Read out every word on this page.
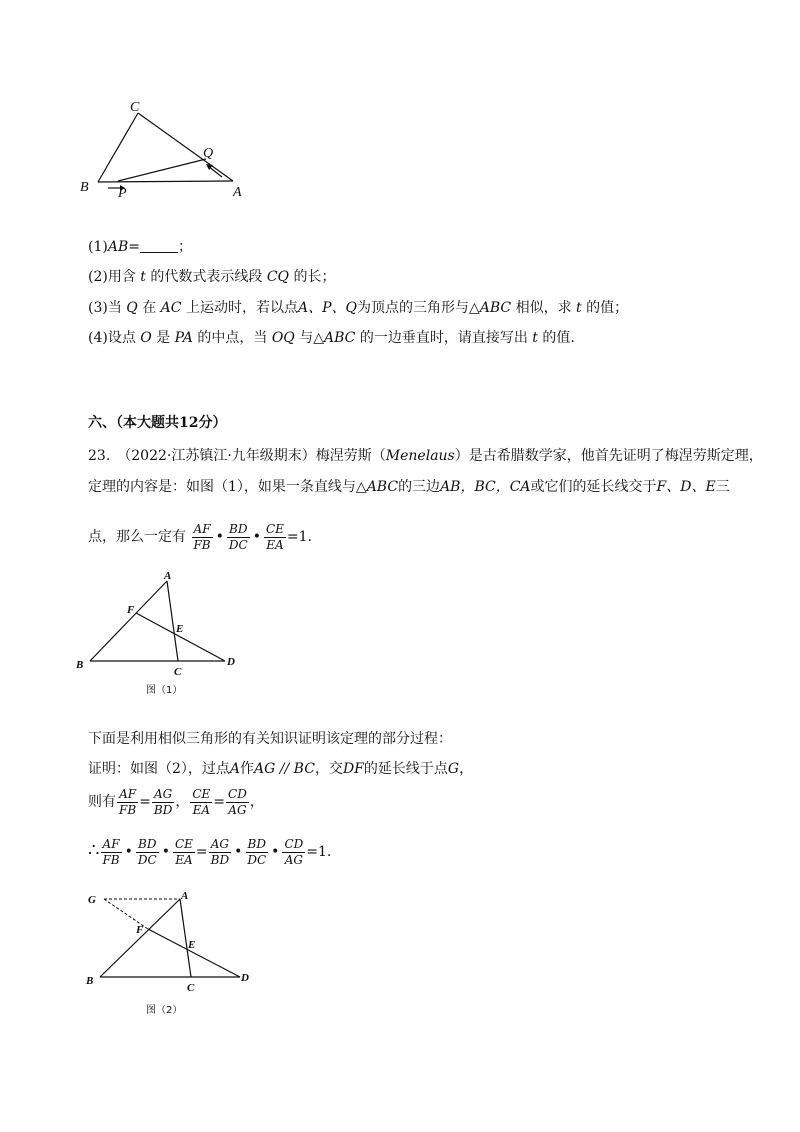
C
Q
B P	A
(1)AB=	；
(2)用含 t 的代数式表示线段 CQ 的长；
(3)当 Q 在 AC 上运动时，若以点A、P、Q为顶点的三角形与△ABC 相似，求 t 的值；
(4)设点 O 是 PA 的中点，当 OQ 与△ABC 的一边垂直时，请直接写出 t 的值.
六、（本大题共12分）
23.　（2022·江苏镇江·九年级期末）梅涅劳斯（Menelaus）是古希腊数学家，他首先证明了梅涅劳斯定理，
定理的内容是：如图（1），如果一条直线与△ABC的三边AB，BC，CA或它们的延长线交于F、D、E三
点，那么一定有 $\frac{AF}{FB}$ • $\frac{BD}{DC}$ • $\frac{CE}{EA} =1$.
A
F
E
B
C
D
图（1）
下面是利用相似三角形的有关知识证明该定理的部分过程：
证明：如图（2），过点A作AG // BC，交DF的延长线于点G，
则有 $\frac{AF}{FB} = \frac{AG}{BD}$ ， $\frac{CE}{EA} = \frac{CD}{AG}$ ，
∴ $\frac{AF}{FB}$ • $\frac{BD}{DC}$ • $\frac{CE}{EA} = \frac{AG}{BD}$ • $\frac{BD}{DC}$ • $\frac{CD}{AG} =1$.
G	A
F
E
B
C
D
图（2）
